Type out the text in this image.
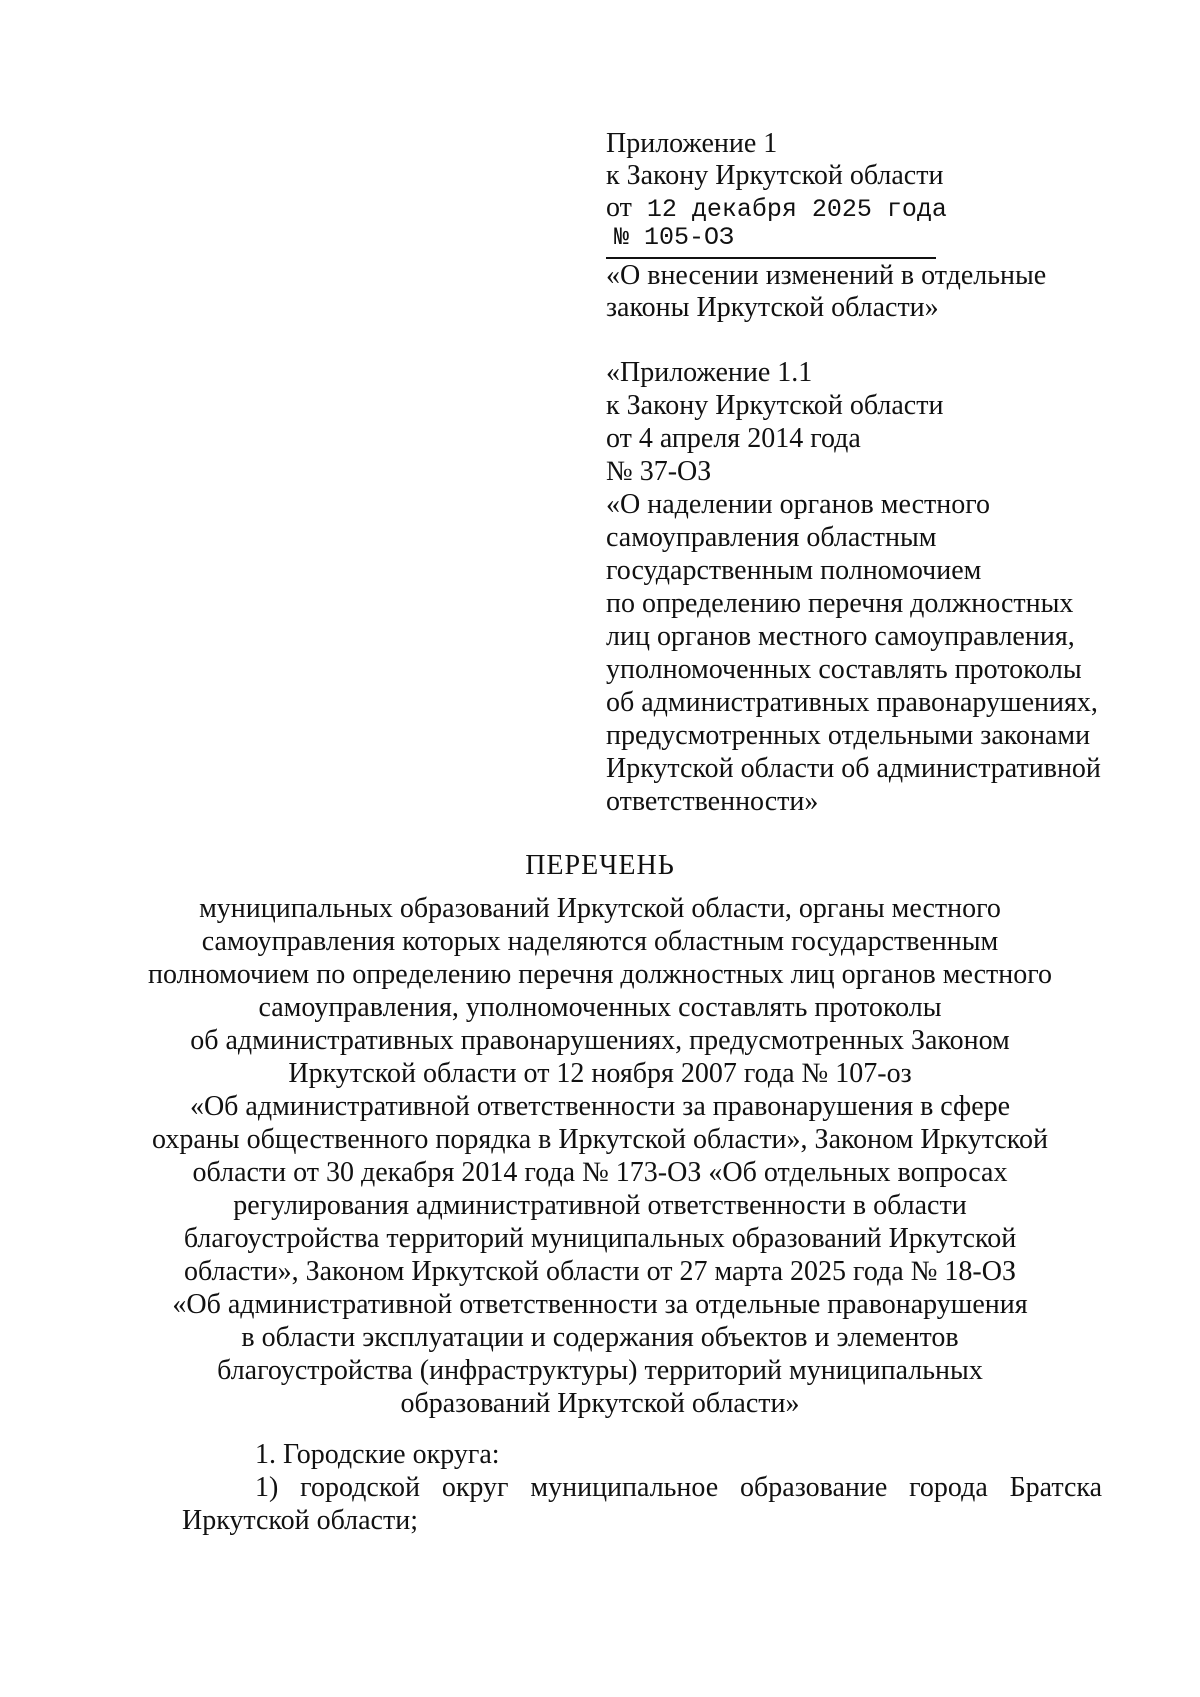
Приложение 1

к Закону Иркутской области

от 12 декабря 2025 года

№ 105-ОЗ

«О внесении изменений в отдельные

законы Иркутской области»

«Приложение 1.1

к Закону Иркутской области

от 4 апреля 2014 года

№ 37-ОЗ

«О наделении органов местного

самоуправления областным

государственным полномочием

по определению перечня должностных

лиц органов местного самоуправления,

уполномоченных составлять протоколы

об административных правонарушениях,

предусмотренных отдельными законами

Иркутской области об административной

ответственности»

ПЕРЕЧЕНЬ

муниципальных образований Иркутской области, органы местного

самоуправления которых наделяются областным государственным

полномочием по определению перечня должностных лиц органов местного

самоуправления, уполномоченных составлять протоколы

об административных правонарушениях, предусмотренных Законом

Иркутской области от 12 ноября 2007 года № 107-оз

«Об административной ответственности за правонарушения в сфере

охраны общественного порядка в Иркутской области», Законом Иркутской

области от 30 декабря 2014 года № 173-ОЗ «Об отдельных вопросах

регулирования административной ответственности в области

благоустройства территорий муниципальных образований Иркутской

области», Законом Иркутской области от 27 марта 2025 года № 18-ОЗ

«Об административной ответственности за отдельные правонарушения

в области эксплуатации и содержания объектов и элементов

благоустройства (инфраструктуры) территорий муниципальных

образований Иркутской области»

1. Городские округа:

1) городской округ муниципальное образование города Братска

Иркутской области;
